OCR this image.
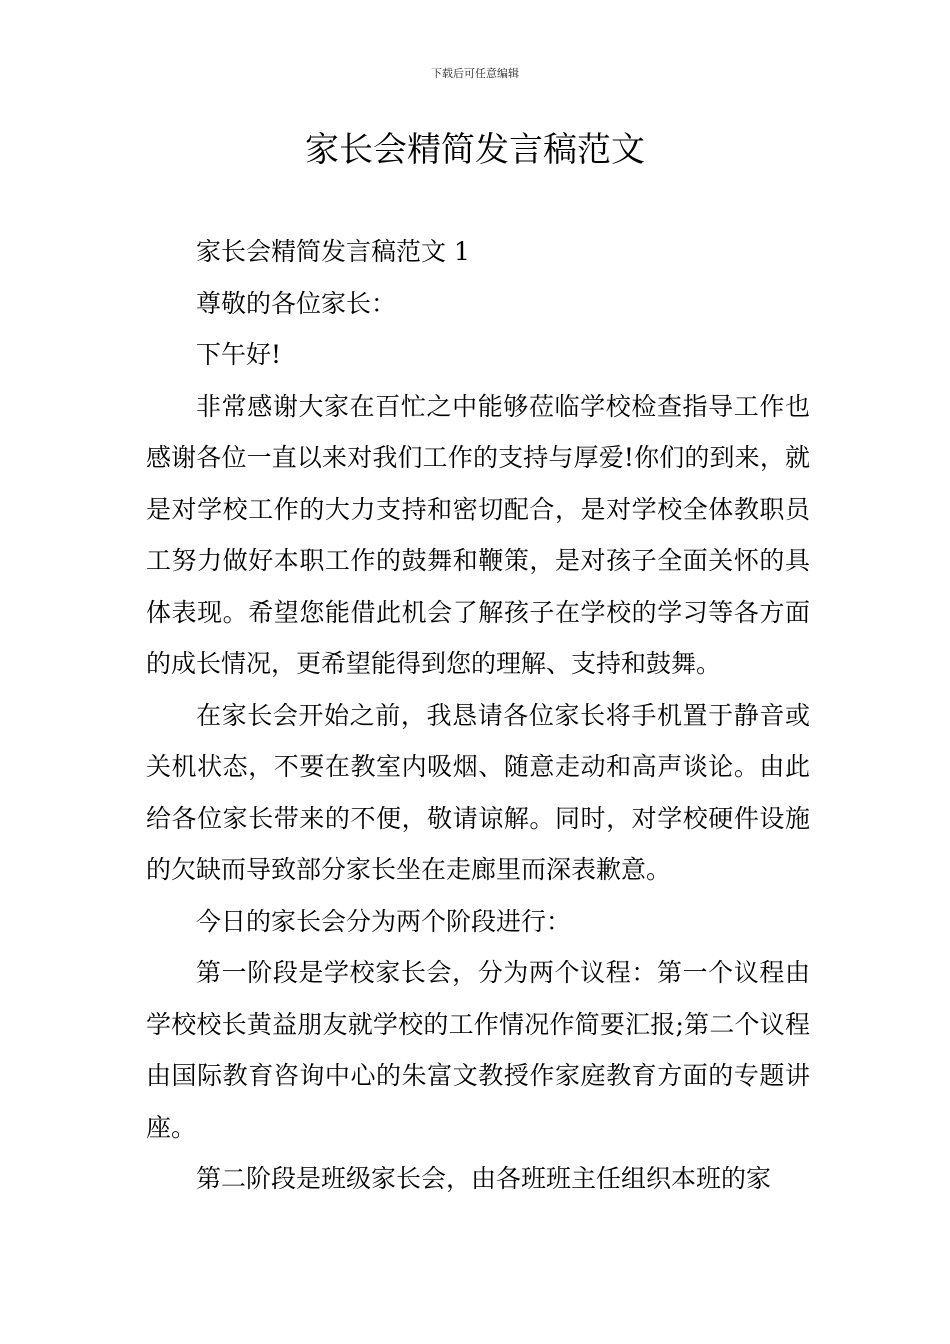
下载后可任意编辑
家长会精简发言稿范文

家长会精简发言稿范文 1

尊敬的各位家长：

下午好!

非常感谢大家在百忙之中能够莅临学校检查指导工作也感谢各位一直以来对我们工作的支持与厚爱!你们的到来，就是对学校工作的大力支持和密切配合，是对学校全体教职员工努力做好本职工作的鼓舞和鞭策，是对孩子全面关怀的具体表现。希望您能借此机会了解孩子在学校的学习等各方面的成长情况，更希望能得到您的理解、支持和鼓舞。

在家长会开始之前，我恳请各位家长将手机置于静音或关机状态，不要在教室内吸烟、随意走动和高声谈论。由此给各位家长带来的不便，敬请谅解。同时，对学校硬件设施的欠缺而导致部分家长坐在走廊里而深表歉意。

今日的家长会分为两个阶段进行：

第一阶段是学校家长会，分为两个议程：第一个议程由学校校长黄益朋友就学校的工作情况作简要汇报;第二个议程由国际教育咨询中心的朱富文教授作家庭教育方面的专题讲座。

第二阶段是班级家长会，由各班班主任组织本班的家
